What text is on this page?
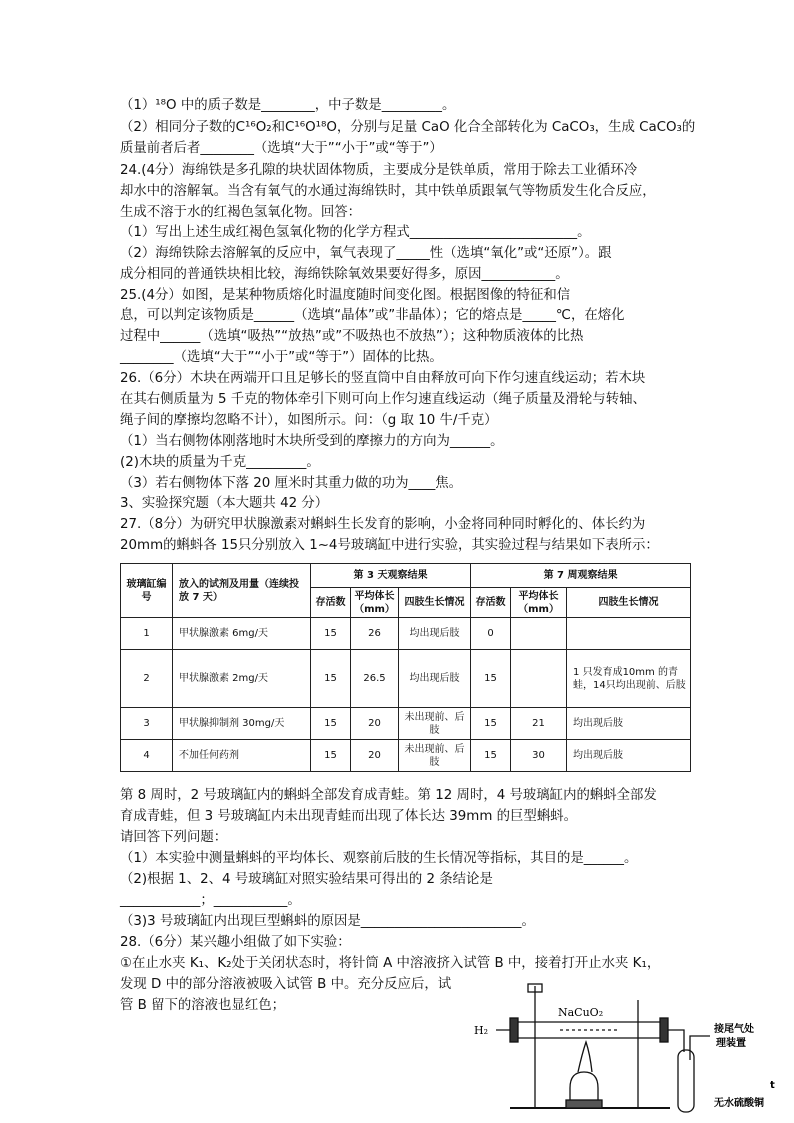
（1）¹⁸O 中的质子数是________，中子数是_________。
（2）相同分子数的C¹⁶O₂和C¹⁶O¹⁸O，分别与足量 CaO 化合全部转化为 CaCO₃，生成 CaCO₃的
质量前者后者________（选填“大于”“小于”或“等于”）
24.(4分）海绵铁是多孔隙的块状固体物质，主要成分是铁单质，常用于除去工业循环冷
却水中的溶解氧。当含有氧气的水通过海绵铁时，其中铁单质跟氧气等物质发生化合反应，
生成不溶于水的红褐色氢氧化物。回答：
（1）写出上述生成红褐色氢氧化物的化学方程式_________________________。
（2）海绵铁除去溶解氧的反应中，氧气表现了_____性（选填“氧化”或“还原”）。跟
成分相同的普通铁块相比较，海绵铁除氧效果要好得多，原因___________。
25.(4分）如图，是某种物质熔化时温度随时间变化图。根据图像的特征和信
息，可以判定该物质是______（选填“晶体”或”非晶体）；它的熔点是_____℃，在熔化
过程中______（选填“吸热”“放热”或”不吸热也不放热”）；这种物质液体的比热
________（选填“大于”“小于”或“等于”）固体的比热。
26.（6分）木块在两端开口且足够长的竖直筒中自由释放可向下作匀速直线运动；若木块
在其右侧质量为 5 千克的物体牵引下则可向上作匀速直线运动（绳子质量及滑轮与转轴、
绳子间的摩擦均忽略不计），如图所示。问：（g 取 10 牛/千克）
（1）当右侧物体刚落地时木块所受到的摩擦力的方向为______。
(2)木块的质量为千克_________。
（3）若右侧物体下落 20 厘米时其重力做的功为____焦。
3、实验探究题（本大题共 42 分）
27.（8分）为研究甲状腺激素对蝌蚪生长发育的影响，小金将同种同时孵化的、体长约为
20mm的蝌蚪各 15只分别放入 1~4号玻璃缸中进行实验，其实验过程与结果如下表所示：
玻璃缸编号	放入的试剂及用量（连续投放 7 天）	第 3 天观察结果			第 7 周观察结果		
		存活数	平均体长（mm）	四肢生长情况	存活数	平均体长（mm）	四肢生长情况
1	甲状腺激素 6mg/天	15	26	均出现后肢	0		
2	甲状腺激素 2mg/天	15	26.5	均出现后肢	15		1 只发育成10mm 的青蛙，14只均出现前、后肢
3	甲状腺抑制剂 30mg/天	15	20	未出现前、后肢	15	21	均出现后肢
4	不加任何药剂	15	20	未出现前、后肢	15	30	均出现后肢
第 8 周时，2 号玻璃缸内的蝌蚪全部发育成青蛙。第 12 周时，4 号玻璃缸内的蝌蚪全部发
育成青蛙，但 3 号玻璃缸内未出现青蛙而出现了体长达 39mm 的巨型蝌蚪。
请回答下列问题：
（1）本实验中测量蝌蚪的平均体长、观察前后肢的生长情况等指标，其目的是______。
（2)根据 1、2、4 号玻璃缸对照实验结果可得出的 2 条结论是
____________；___________。
（3)3 号玻璃缸内出现巨型蝌蚪的原因是________________________。
28.（6分）某兴趣小组做了如下实验：
①在止水夹 K₁、K₂处于关闭状态时，将针筒 A 中溶液挤入试管 B 中，接着打开止水夹 K₁，
发现 D 中的部分溶液被吸入试管 B 中。充分反应后，试
管 B 留下的溶液也显红色；	NaCuO₂
H₂	接尾气处
理装置
无水硫酸铜
t
